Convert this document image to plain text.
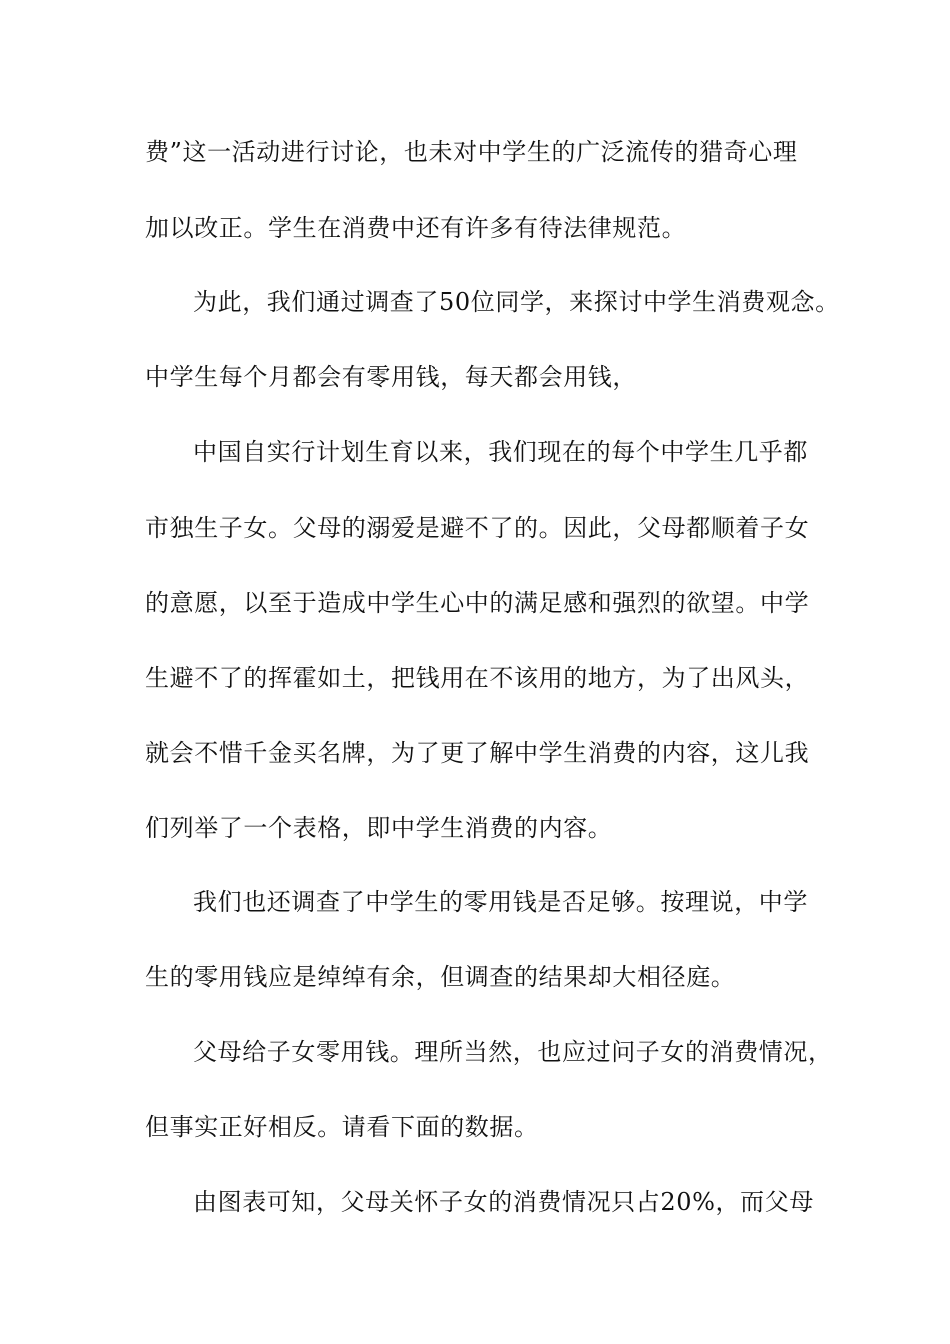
费”这一活动进行讨论，也未对中学生的广泛流传的猎奇心理
加以改正。学生在消费中还有许多有待法律规范。
为此，我们通过调查了50位同学，来探讨中学生消费观念。
中学生每个月都会有零用钱，每天都会用钱，
中国自实行计划生育以来，我们现在的每个中学生几乎都
市独生子女。父母的溺爱是避不了的。因此，父母都顺着子女
的意愿，以至于造成中学生心中的满足感和强烈的欲望。中学
生避不了的挥霍如土，把钱用在不该用的地方，为了出风头，
就会不惜千金买名牌，为了更了解中学生消费的内容，这儿我
们列举了一个表格，即中学生消费的内容。
我们也还调查了中学生的零用钱是否足够。按理说，中学
生的零用钱应是绰绰有余，但调查的结果却大相径庭。
父母给子女零用钱。理所当然，也应过问子女的消费情况，
但事实正好相反。请看下面的数据。
由图表可知，父母关怀子女的消费情况只占20%，而父母
